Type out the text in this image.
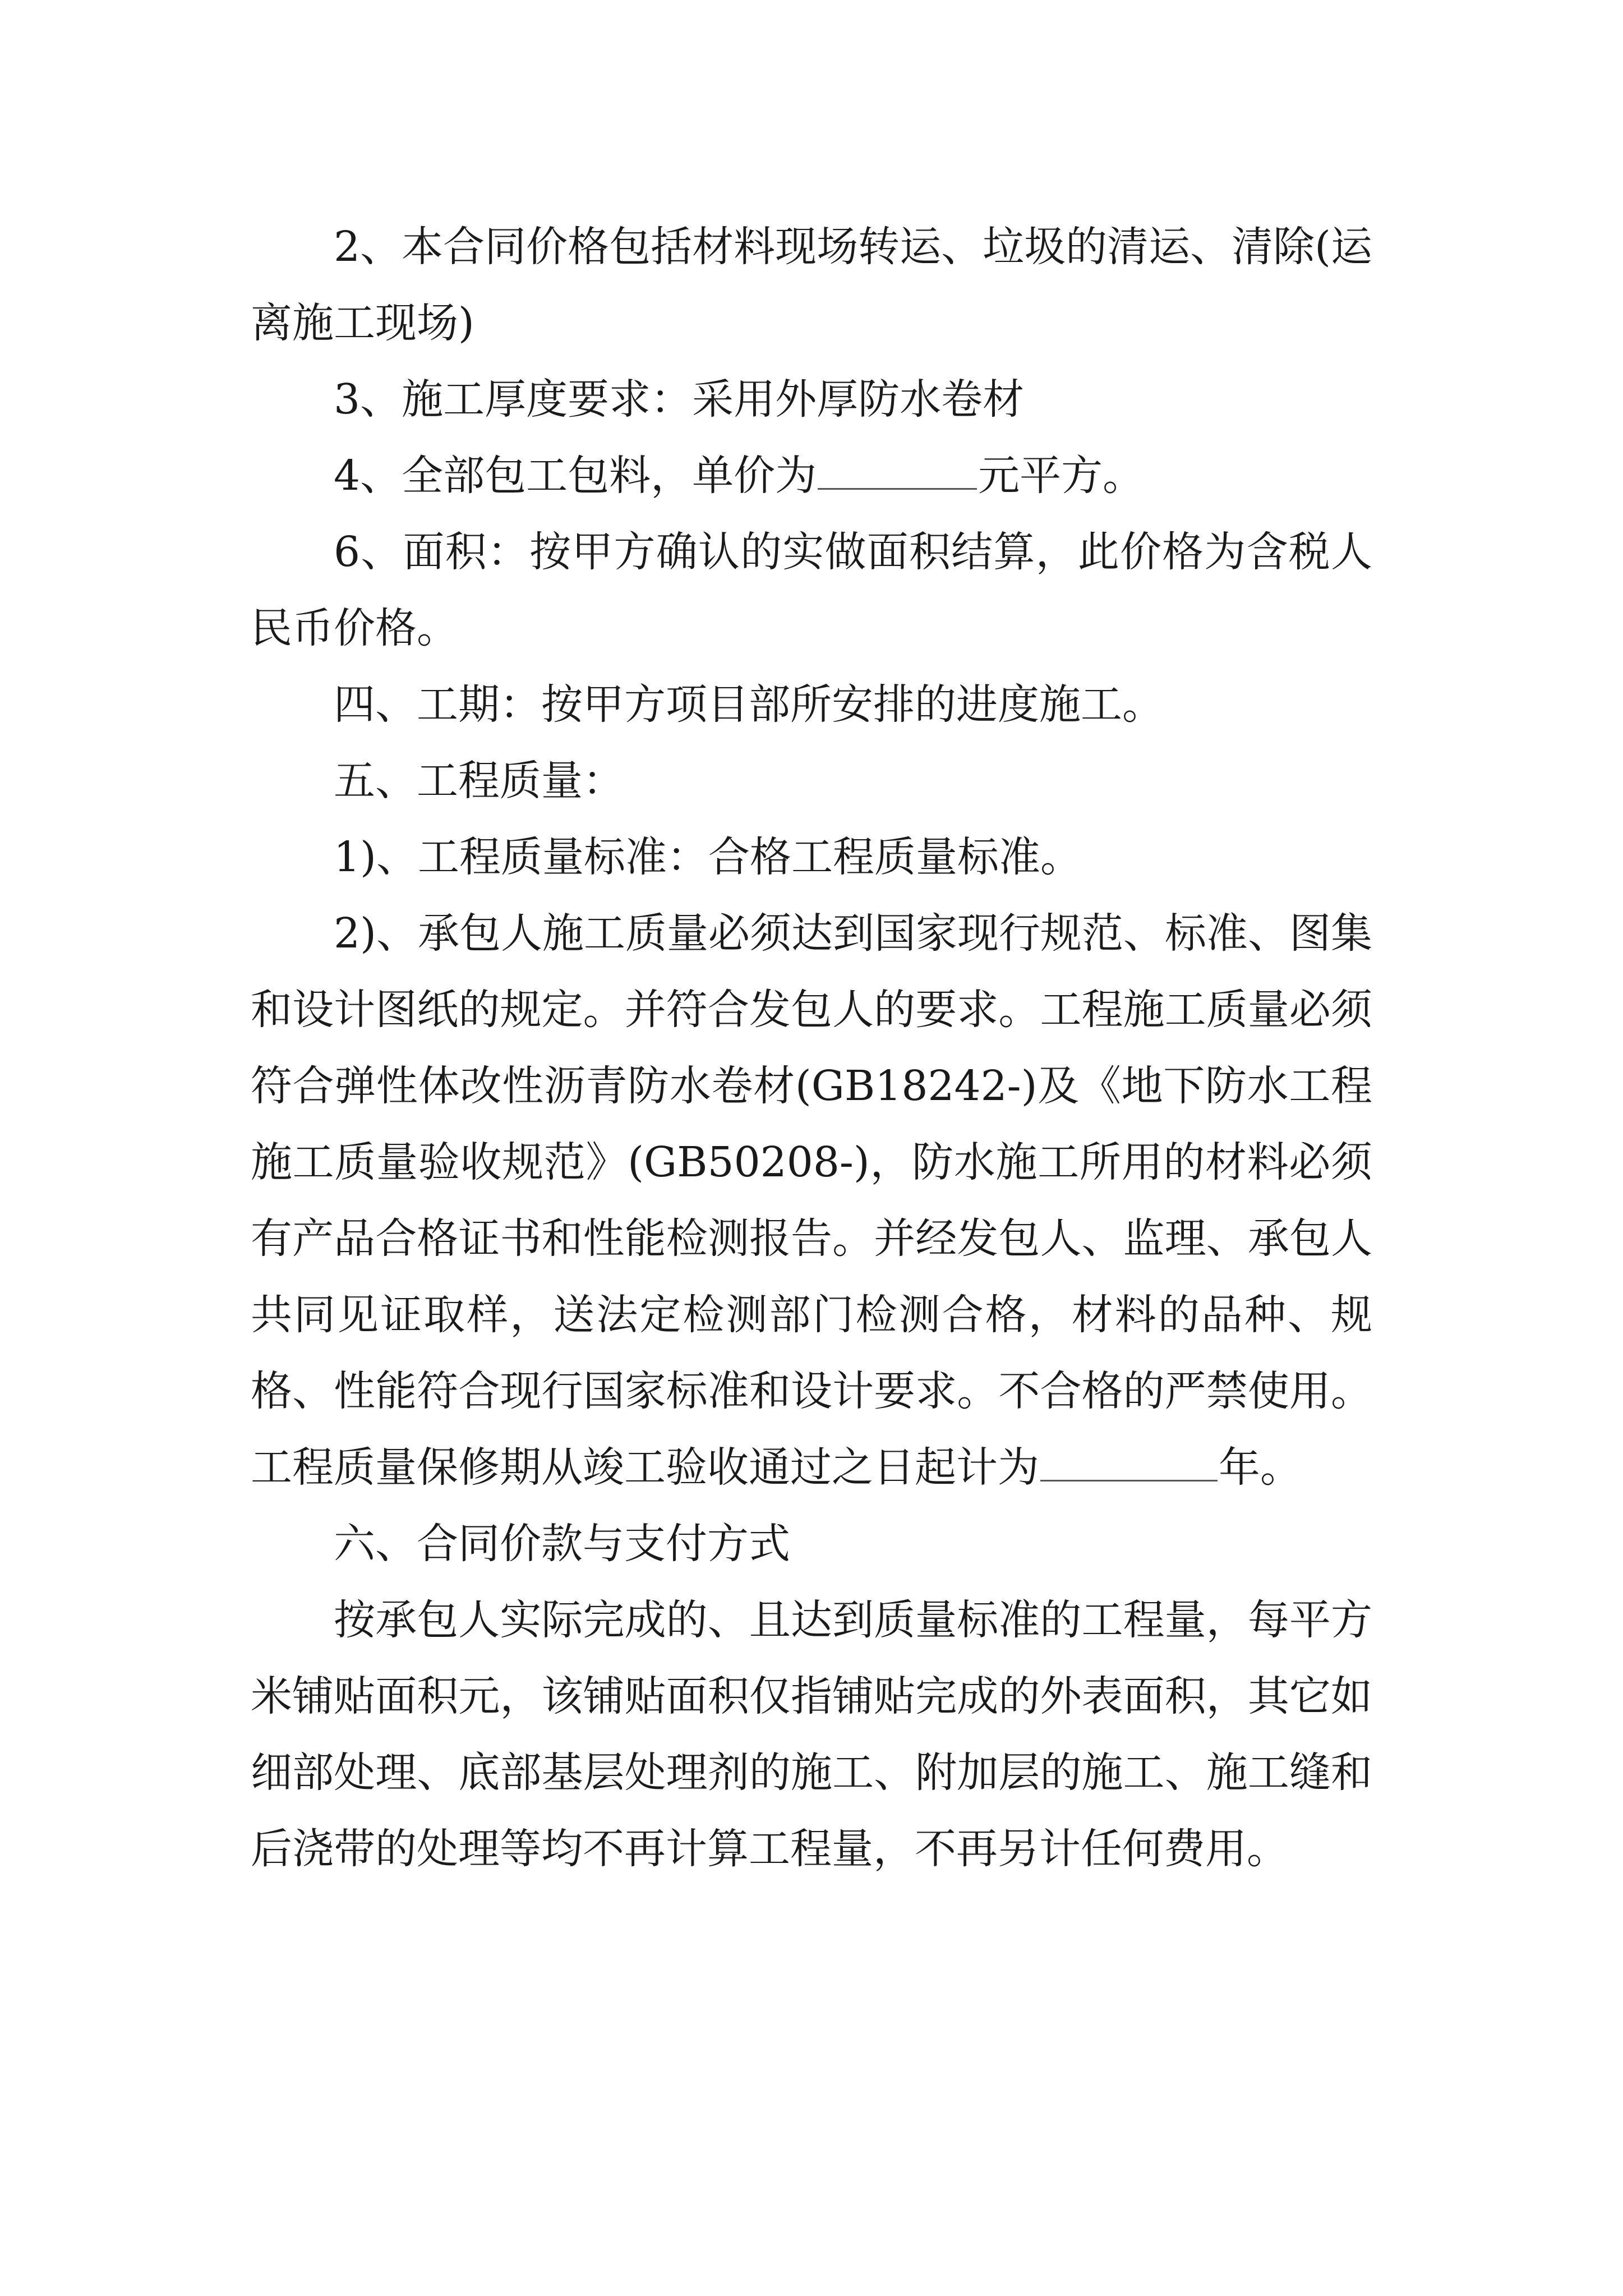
2、本合同价格包括材料现场转运、垃圾的清运、清除(运离施工现场)

3、施工厚度要求：采用外厚防水卷材

4、全部包工包料，单价为	元平方。

6、面积：按甲方确认的实做面积结算，此价格为含税人民币价格。

四、工期：按甲方项目部所安排的进度施工。

五、工程质量：

1)、工程质量标准：合格工程质量标准。

2)、承包人施工质量必须达到国家现行规范、标准、图集和设计图纸的规定。并符合发包人的要求。工程施工质量必须符合弹性体改性沥青防水卷材(GB18242-)及《地下防水工程施工质量验收规范》(GB50208-)，防水施工所用的材料必须有产品合格证书和性能检测报告。并经发包人、监理、承包人共同见证取样，送法定检测部门检测合格，材料的品种、规格、性能符合现行国家标准和设计要求。不合格的严禁使用。工程质量保修期从竣工验收通过之日起计为	年。

六、合同价款与支付方式

按承包人实际完成的、且达到质量标准的工程量，每平方米铺贴面积元，该铺贴面积仅指铺贴完成的外表面积，其它如细部处理、底部基层处理剂的施工、附加层的施工、施工缝和后浇带的处理等均不再计算工程量，不再另计任何费用。
